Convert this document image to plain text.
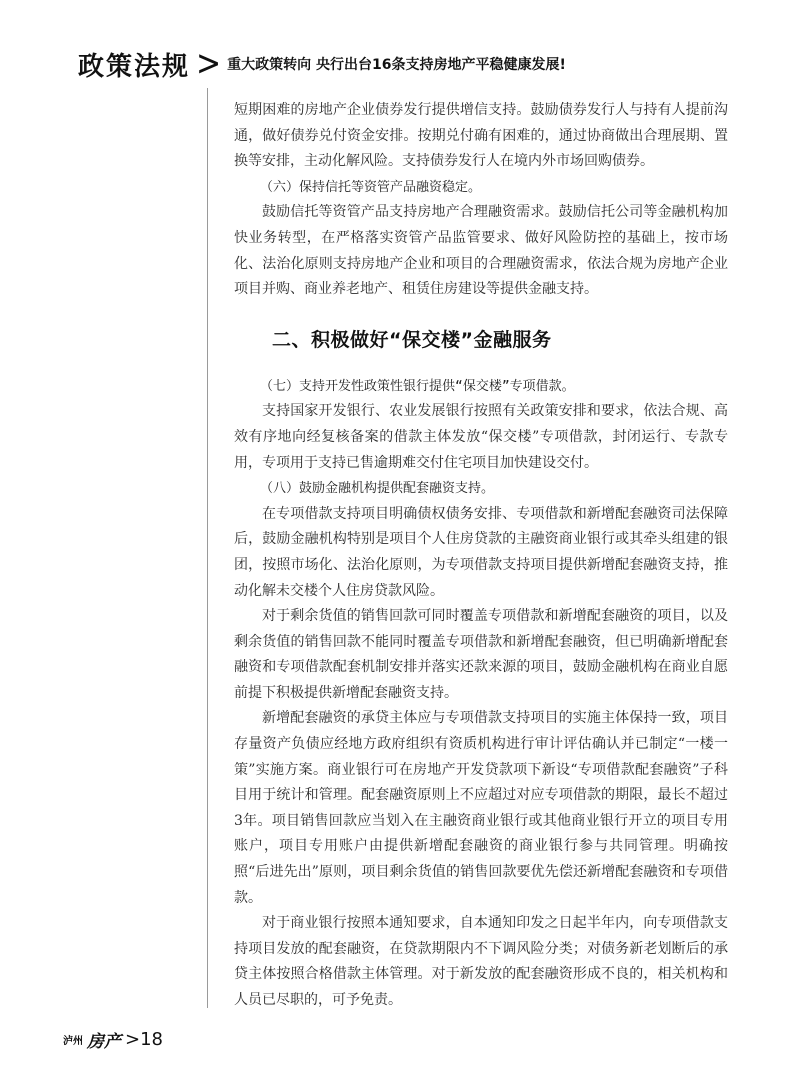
政策法规 > 重大政策转向 央行出台16条支持房地产平稳健康发展!

短期困难的房地产企业债券发行提供增信支持。鼓励债券发行人与持有人提前沟通，做好债券兑付资金安排。按期兑付确有困难的，通过协商做出合理展期、置换等安排，主动化解风险。支持债券发行人在境内外市场回购债券。

（六）保持信托等资管产品融资稳定。

鼓励信托等资管产品支持房地产合理融资需求。鼓励信托公司等金融机构加快业务转型，在严格落实资管产品监管要求、做好风险防控的基础上，按市场化、法治化原则支持房地产企业和项目的合理融资需求，依法合规为房地产企业项目并购、商业养老地产、租赁住房建设等提供金融支持。

二、积极做好“保交楼”金融服务

（七）支持开发性政策性银行提供“保交楼”专项借款。

支持国家开发银行、农业发展银行按照有关政策安排和要求，依法合规、高效有序地向经复核备案的借款主体发放“保交楼”专项借款，封闭运行、专款专用，专项用于支持已售逾期难交付住宅项目加快建设交付。

（八）鼓励金融机构提供配套融资支持。

在专项借款支持项目明确债权债务安排、专项借款和新增配套融资司法保障后，鼓励金融机构特别是项目个人住房贷款的主融资商业银行或其牵头组建的银团，按照市场化、法治化原则，为专项借款支持项目提供新增配套融资支持，推动化解未交楼个人住房贷款风险。

对于剩余货值的销售回款可同时覆盖专项借款和新增配套融资的项目，以及剩余货值的销售回款不能同时覆盖专项借款和新增配套融资，但已明确新增配套融资和专项借款配套机制安排并落实还款来源的项目，鼓励金融机构在商业自愿前提下积极提供新增配套融资支持。

新增配套融资的承贷主体应与专项借款支持项目的实施主体保持一致，项目存量资产负债应经地方政府组织有资质机构进行审计评估确认并已制定“一楼一策”实施方案。商业银行可在房地产开发贷款项下新设“专项借款配套融资”子科目用于统计和管理。配套融资原则上不应超过对应专项借款的期限，最长不超过3年。项目销售回款应当划入在主融资商业银行或其他商业银行开立的项目专用账户，项目专用账户由提供新增配套融资的商业银行参与共同管理。明确按照“后进先出”原则，项目剩余货值的销售回款要优先偿还新增配套融资和专项借款。

对于商业银行按照本通知要求，自本通知印发之日起半年内，向专项借款支持项目发放的配套融资，在贷款期限内不下调风险分类；对债务新老划断后的承贷主体按照合格借款主体管理。对于新发放的配套融资形成不良的，相关机构和人员已尽职的，可予免责。

泸州 房产 >18
